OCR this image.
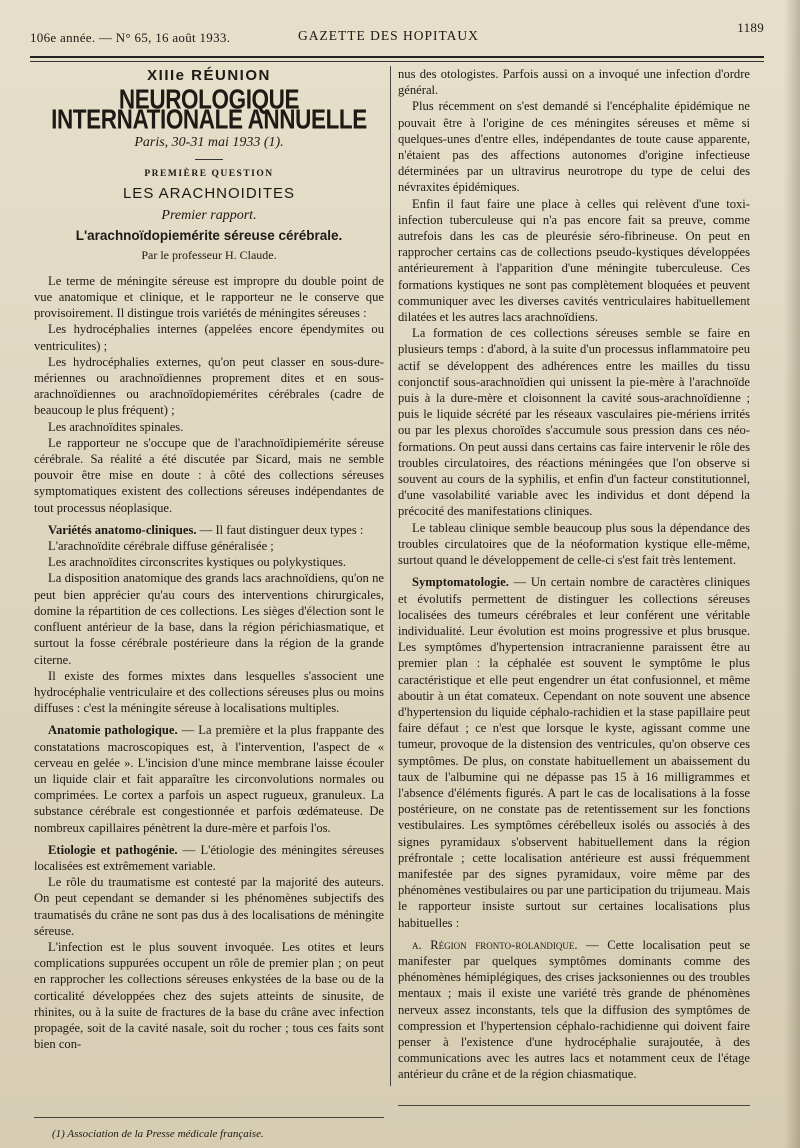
106e année. — N° 65, 16 août 1933.	GAZETTE DES HOPITAUX
1189
XIIIe RÉUNION
NEUROLOGIQUE INTERNATIONALE ANNUELLE
Paris, 30-31 mai 1933 (1).
PREMIÈRE QUESTION
LES ARACHNOIDITES
Premier rapport.
L'arachnoïdopiemérite séreuse cérébrale.
Par le professeur H. Claude.

Le terme de méningite séreuse est impropre du double point de vue anatomique et clinique, et le rapporteur ne le conserve que provisoirement. Il distingue trois variétés de méningites séreuses :

Les hydrocéphalies internes (appelées encore épendymites ou ventriculites) ;

Les hydrocéphalies externes, qu'on peut classer en sous-dure-mériennes ou arachnoïdiennes proprement dites et en sous-arachnoïdiennes ou arachnoïdopiemérites cérébrales (cadre de beaucoup le plus fréquent) ;

Les arachnoïdites spinales.

Le rapporteur ne s'occupe que de l'arachnoïdipiemérite séreuse cérébrale. Sa réalité a été discutée par Sicard, mais ne semble pouvoir être mise en doute : à côté des collections séreuses symptomatiques existent des collections séreuses indépendantes de tout processus néoplasique.

Variétés anatomo-cliniques. — Il faut distinguer deux types :

L'arachnoïdite cérébrale diffuse généralisée ;

Les arachnoïdites circonscrites kystiques ou polykystiques.

La disposition anatomique des grands lacs arachnoïdiens, qu'on ne peut bien apprécier qu'au cours des interventions chirurgicales, domine la répartition de ces collections. Les sièges d'élection sont le confluent antérieur de la base, dans la région périchiasmatique, et surtout la fosse cérébrale postérieure dans la région de la grande citerne.

Il existe des formes mixtes dans lesquelles s'associent une hydrocéphalie ventriculaire et des collections séreuses plus ou moins diffuses : c'est la méningite séreuse à localisations multiples.

Anatomie pathologique. — La première et la plus frappante des constatations macroscopiques est, à l'intervention, l'aspect de « cerveau en gelée ». L'incision d'une mince membrane laisse écouler un liquide clair et fait apparaître les circonvolutions normales ou comprimées. Le cortex a parfois un aspect rugueux, granuleux. La substance cérébrale est congestionnée et parfois œdémateuse. De nombreux capillaires pénètrent la dure-mère et parfois l'os.

Etiologie et pathogénie. — L'étiologie des méningites séreuses localisées est extrêmement variable.

Le rôle du traumatisme est contesté par la majorité des auteurs. On peut cependant se demander si les phénomènes subjectifs des traumatisés du crâne ne sont pas dus à des localisations de méningite séreuse.

L'infection est le plus souvent invoquée. Les otites et leurs complications suppurées occupent un rôle de premier plan ; on peut en rapprocher les collections séreuses enkystées de la base ou de la corticalité développées chez des sujets atteints de sinusite, de rhinites, ou à la suite de fractures de la base du crâne avec infection propagée, soit de la cavité nasale, soit du rocher ; tous ces faits sont bien con-

(1) Association de la Presse médicale française.

nus des otologistes. Parfois aussi on a invoqué une infection d'ordre général.

Plus récemment on s'est demandé si l'encéphalite épidémique ne pouvait être à l'origine de ces méningites séreuses et même si quelques-unes d'entre elles, indépendantes de toute cause apparente, n'étaient pas des affections autonomes d'origine infectieuse déterminées par un ultravirus neurotrope du type de celui des névraxites épidémiques.

Enfin il faut faire une place à celles qui relèvent d'une toxi-infection tuberculeuse qui n'a pas encore fait sa preuve, comme autrefois dans les cas de pleurésie séro-fibrineuse. On peut en rapprocher certains cas de collections pseudo-kystiques développées antérieurement à l'apparition d'une méningite tuberculeuse. Ces formations kystiques ne sont pas complètement bloquées et peuvent communiquer avec les diverses cavités ventriculaires habituellement dilatées et les autres lacs arachnoïdiens.

La formation de ces collections séreuses semble se faire en plusieurs temps : d'abord, à la suite d'un processus inflammatoire peu actif se développent des adhérences entre les mailles du tissu conjonctif sous-arachnoïdien qui unissent la pie-mère à l'arachnoïde puis à la dure-mère et cloisonnent la cavité sous-arachnoïdienne ; puis le liquide sécrété par les réseaux vasculaires pie-mériens irrités ou par les plexus choroïdes s'accumule sous pression dans ces néo-formations. On peut aussi dans certains cas faire intervenir le rôle des troubles circulatoires, des réactions méningées que l'on observe si souvent au cours de la syphilis, et enfin d'un facteur constitutionnel, d'une vasolabilité variable avec les individus et dont dépend la précocité des manifestations cliniques.

Le tableau clinique semble beaucoup plus sous la dépendance des troubles circulatoires que de la néoformation kystique elle-même, surtout quand le développement de celle-ci s'est fait très lentement.

Symptomatologie. — Un certain nombre de caractères cliniques et évolutifs permettent de distinguer les collections séreuses localisées des tumeurs cérébrales et leur conférent une véritable individualité. Leur évolution est moins progressive et plus brusque. Les symptômes d'hypertension intracranienne paraissent être au premier plan : la céphalée est souvent le symptôme le plus caractéristique et elle peut engendrer un état confusionnel, et même aboutir à un état comateux. Cependant on note souvent une absence d'hypertension du liquide céphalo-rachidien et la stase papillaire peut faire défaut ; ce n'est que lorsque le kyste, agissant comme une tumeur, provoque de la distension des ventricules, qu'on observe ces symptômes. De plus, on constate habituellement un abaissement du taux de l'albumine qui ne dépasse pas 15 à 16 milligrammes et l'absence d'éléments figurés. A part le cas de localisations à la fosse postérieure, on ne constate pas de retentissement sur les fonctions vestibulaires. Les symptômes cérébelleux isolés ou associés à des signes pyramidaux s'observent habituellement dans la région préfrontale ; cette localisation antérieure est aussi fréquemment manifestée par des signes pyramidaux, voire même par des phénomènes vestibulaires ou par une participation du trijumeau. Mais le rapporteur insiste surtout sur certaines localisations plus habituelles :

a. Région fronto-rolandique. — Cette localisation peut se manifester par quelques symptômes dominants comme des phénomènes hémiplégiques, des crises jacksoniennes ou des troubles mentaux ; mais il existe une variété très grande de phénomènes nerveux assez inconstants, tels que la diffusion des symptômes de compression et l'hypertension céphalo-rachidienne qui doivent faire penser à l'existence d'une hydrocéphalie surajoutée, à des communications avec les autres lacs et notamment ceux de l'étage antérieur du crâne et de la région chiasmatique.
